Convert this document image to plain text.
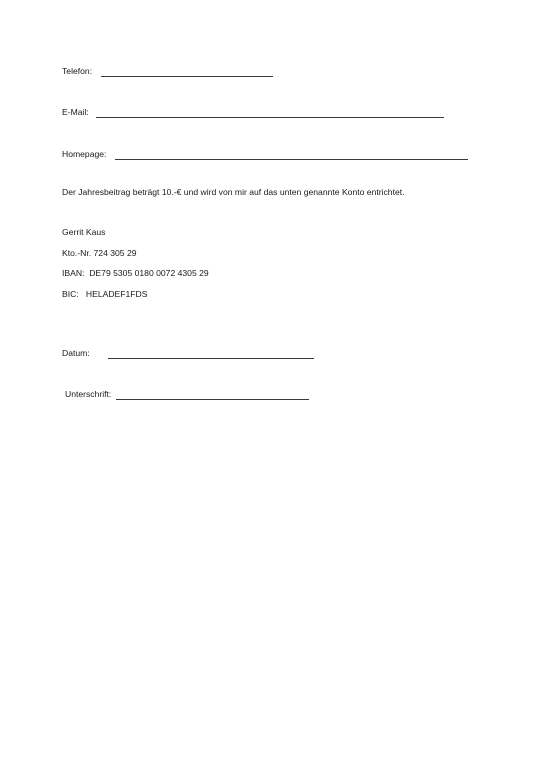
Telefon:
E-Mail:
Homepage:
Der Jahresbeitrag beträgt 10.-€ und wird von mir auf das unten genannte Konto entrichtet.
Gerrit Kaus
Kto.-Nr. 724 305 29
IBAN:  DE79 5305 0180 0072 4305 29
BIC:   HELADEF1FDS
Datum:
Unterschrift:
